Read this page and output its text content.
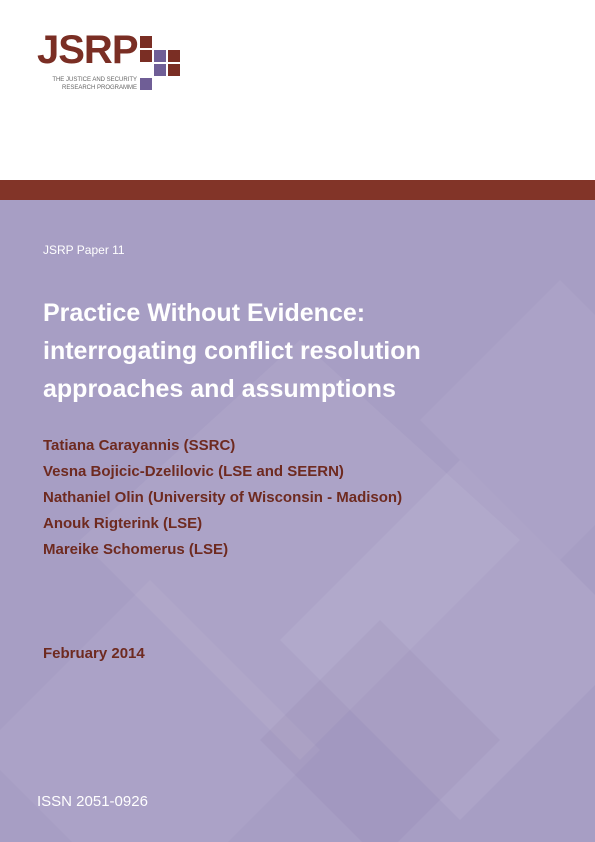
JSRP
THE JUSTICE AND SECURITY
RESEARCH PROGRAMME
JSRP Paper 11
Practice Without Evidence:
interrogating conflict resolution
approaches and assumptions
Tatiana Carayannis (SSRC)
Vesna Bojicic-Dzelilovic (LSE and SEERN)
Nathaniel Olin (University of Wisconsin - Madison)
Anouk Rigterink (LSE)
Mareike Schomerus (LSE)
February 2014
ISSN 2051-0926
